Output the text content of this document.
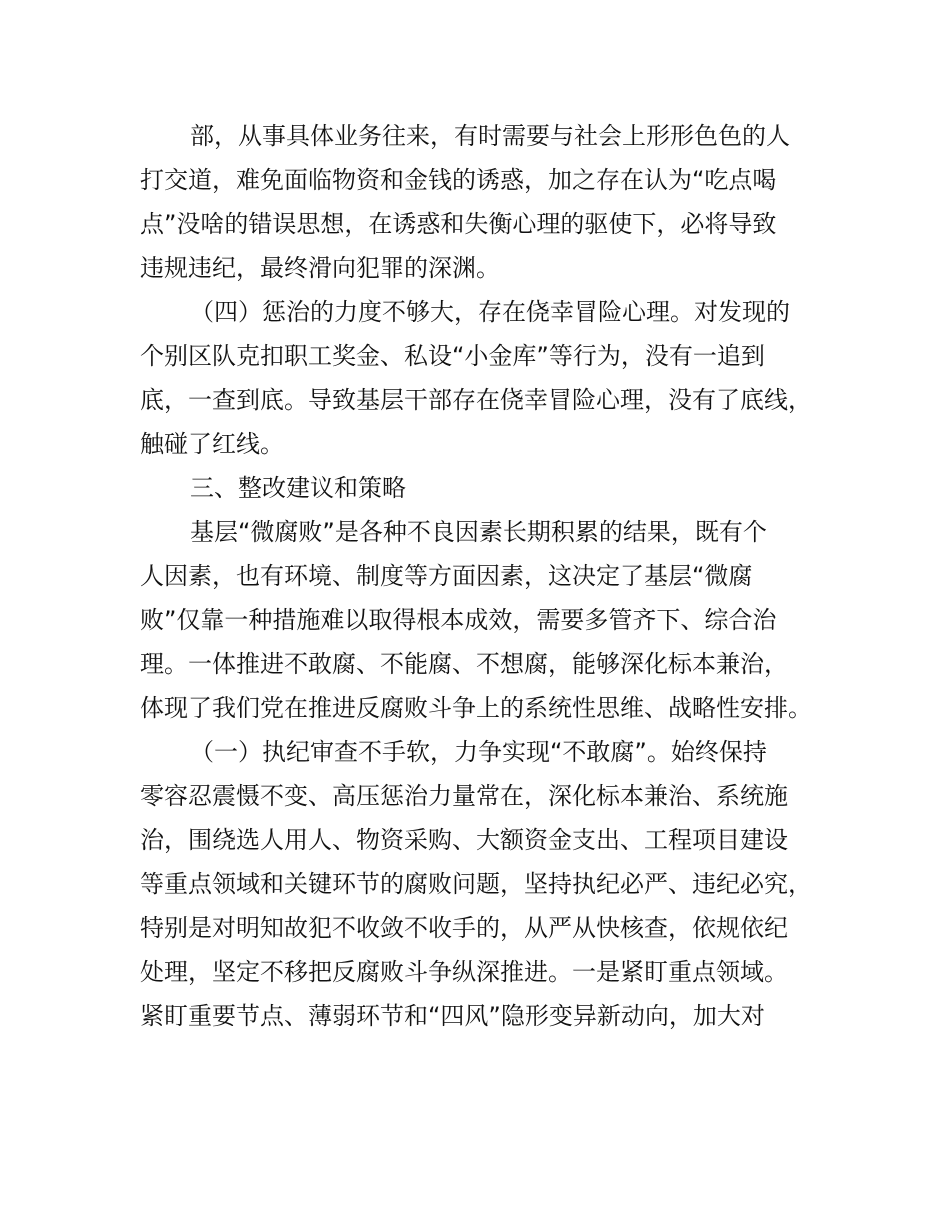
部，从事具体业务往来，有时需要与社会上形形色色的人
打交道，难免面临物资和金钱的诱惑，加之存在认为“吃点喝
点”没啥的错误思想，在诱惑和失衡心理的驱使下，必将导致
违规违纪，最终滑向犯罪的深渊。
（四）惩治的力度不够大，存在侥幸冒险心理。对发现的
个别区队克扣职工奖金、私设“小金库”等行为，没有一追到
底，一查到底。导致基层干部存在侥幸冒险心理，没有了底线，
触碰了红线。
三、整改建议和策略
基层“微腐败”是各种不良因素长期积累的结果，既有个
人因素，也有环境、制度等方面因素，这决定了基层“微腐
败”仅靠一种措施难以取得根本成效，需要多管齐下、综合治
理。一体推进不敢腐、不能腐、不想腐，能够深化标本兼治，
体现了我们党在推进反腐败斗争上的系统性思维、战略性安排。
（一）执纪审查不手软，力争实现“不敢腐”。始终保持
零容忍震慑不变、高压惩治力量常在，深化标本兼治、系统施
治，围绕选人用人、物资采购、大额资金支出、工程项目建设
等重点领域和关键环节的腐败问题，坚持执纪必严、违纪必究，
特别是对明知故犯不收敛不收手的，从严从快核查，依规依纪
处理，坚定不移把反腐败斗争纵深推进。一是紧盯重点领域。
紧盯重要节点、薄弱环节和“四风”隐形变异新动向，加大对
